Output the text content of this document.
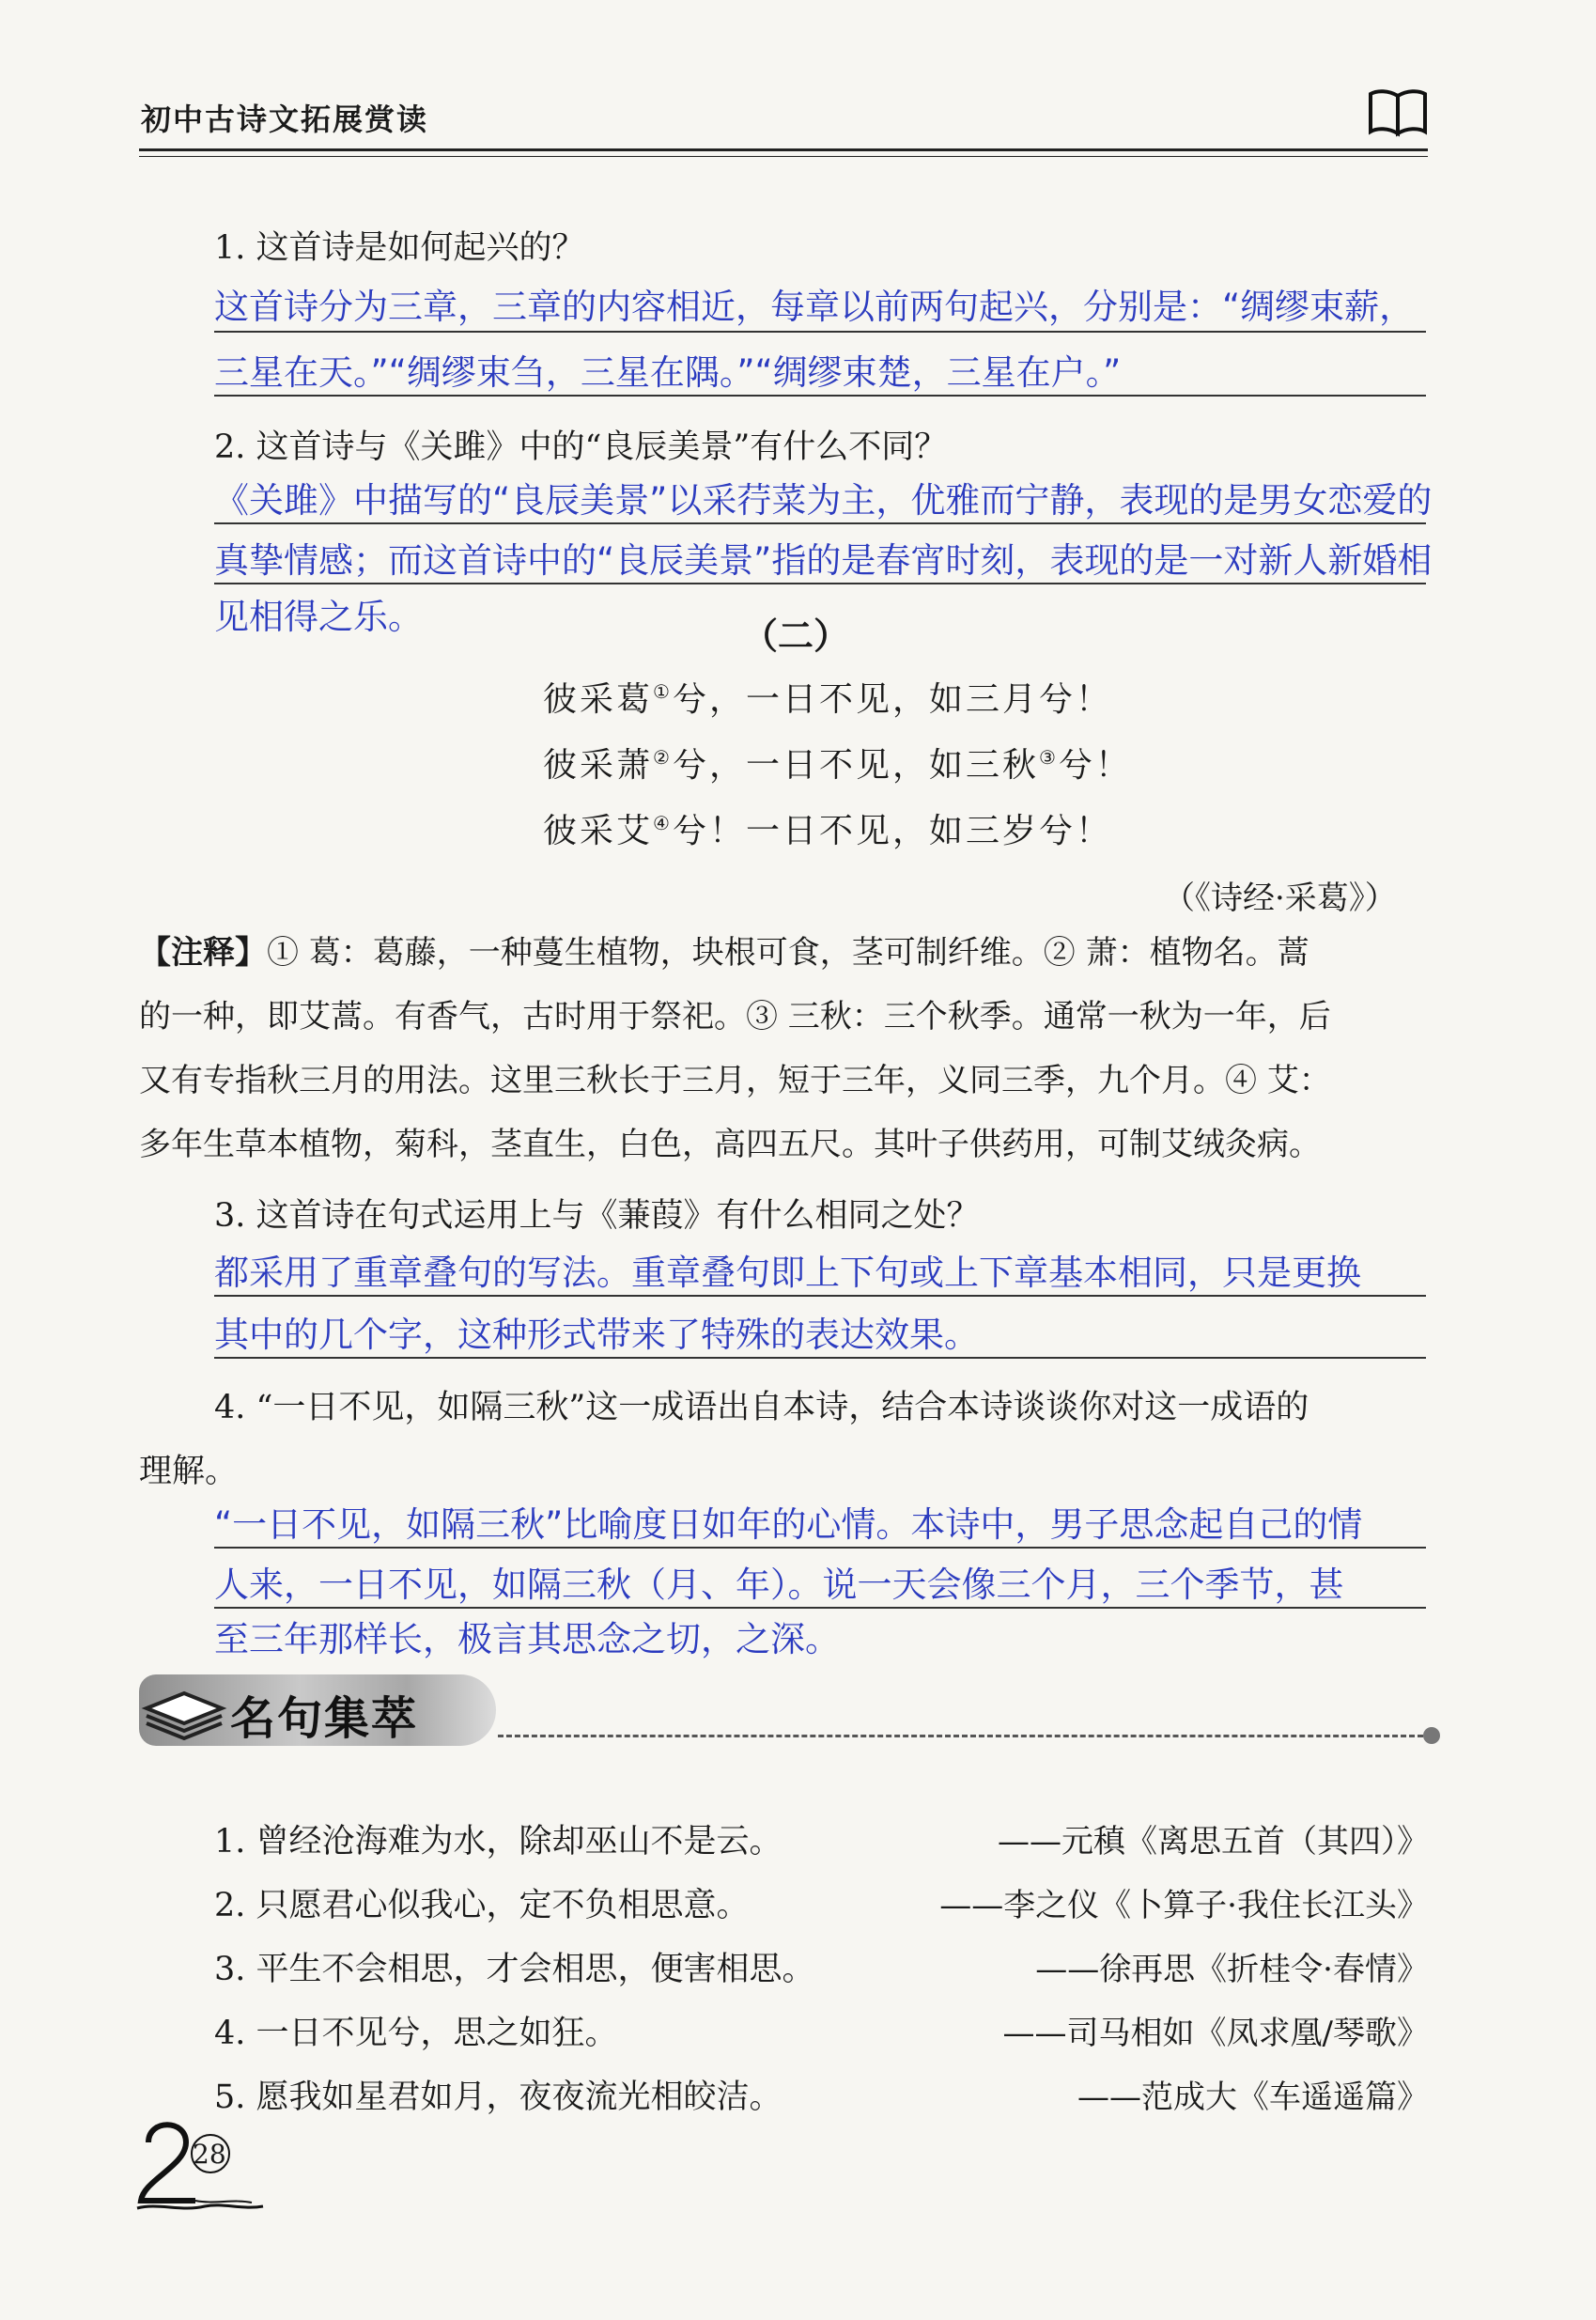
初中古诗文拓展赏读
1. 这首诗是如何起兴的？
这首诗分为三章，三章的内容相近，每章以前两句起兴，分别是：“绸缪束薪，
三星在天。”“绸缪束刍，三星在隅。”“绸缪束楚，三星在户。”
2. 这首诗与《关雎》中的“良辰美景”有什么不同？
《关雎》中描写的“良辰美景”以采荇菜为主，优雅而宁静，表现的是男女恋爱的
真挚情感；而这首诗中的“良辰美景”指的是春宵时刻，表现的是一对新人新婚相
见相得之乐。	（二）
彼采葛①兮，一日不见，如三月兮！
彼采萧②兮，一日不见，如三秋③兮！
彼采艾④兮！一日不见，如三岁兮！
（《诗经·采葛》）
【注释】① 葛：葛藤，一种蔓生植物，块根可食，茎可制纤维。② 萧：植物名。蒿
的一种，即艾蒿。有香气，古时用于祭祀。③ 三秋：三个秋季。通常一秋为一年，后
又有专指秋三月的用法。这里三秋长于三月，短于三年，义同三季，九个月。④ 艾：
多年生草本植物，菊科，茎直生，白色，高四五尺。其叶子供药用，可制艾绒灸病。
3. 这首诗在句式运用上与《蒹葭》有什么相同之处？
都采用了重章叠句的写法。重章叠句即上下句或上下章基本相同，只是更换
其中的几个字，这种形式带来了特殊的表达效果。
4. “一日不见，如隔三秋”这一成语出自本诗，结合本诗谈谈你对这一成语的
理解。
“一日不见，如隔三秋”比喻度日如年的心情。本诗中，男子思念起自己的情
人来，一日不见，如隔三秋（月、年）。说一天会像三个月，三个季节，甚
至三年那样长，极言其思念之切，之深。
名句集萃
1. 曾经沧海难为水，除却巫山不是云。	——元稹《离思五首（其四）》
2. 只愿君心似我心，定不负相思意。	——李之仪《卜算子·我住长江头》
3. 平生不会相思，才会相思，便害相思。	——徐再思《折桂令·春情》
4. 一日不见兮，思之如狂。	——司马相如《凤求凰/琴歌》
5. 愿我如星君如月，夜夜流光相皎洁。	——范成大《车遥遥篇》
28
